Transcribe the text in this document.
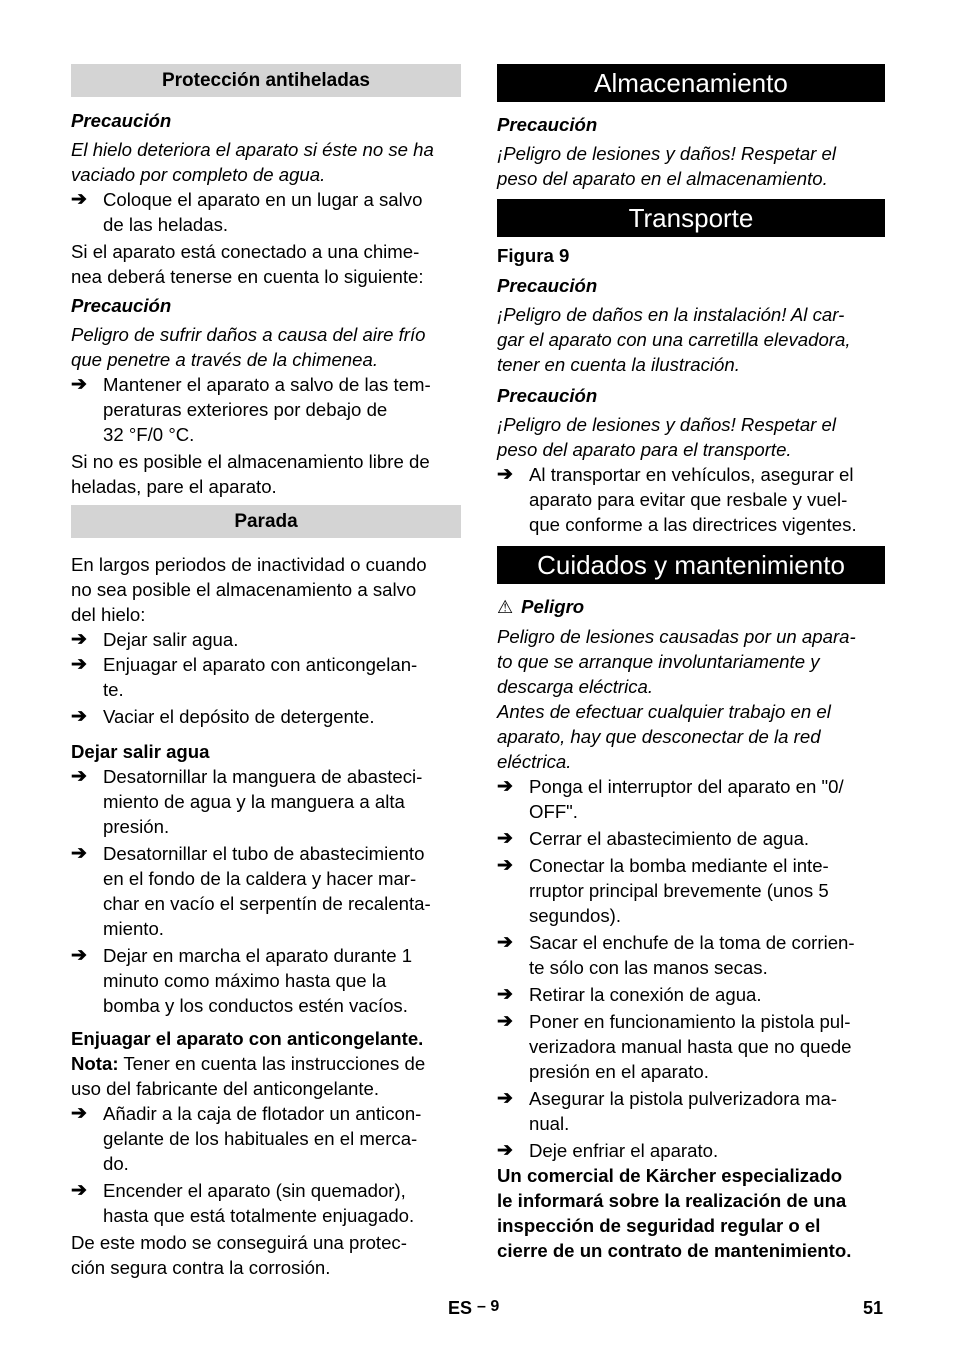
Protección antiheladas

Precaución

El hielo deteriora el aparato si éste no se ha
vaciado por completo de agua.

➔ Coloque el aparato en un lugar a salvo
de las heladas.

Si el aparato está conectado a una chime-
nea deberá tenerse en cuenta lo siguiente:

Precaución

Peligro de sufrir daños a causa del aire frío
que penetre a través de la chimenea.

➔ Mantener el aparato a salvo de las tem-
peraturas exteriores por debajo de
32 °F/0 °C.

Si no es posible el almacenamiento libre de
heladas, pare el aparato.

Parada

En largos periodos de inactividad o cuando
no sea posible el almacenamiento a salvo
del hielo:

➔ Dejar salir agua.
➔ Enjuagar el aparato con anticongelan-
te.
➔ Vaciar el depósito de detergente.

Dejar salir agua

➔ Desatornillar la manguera de abasteci-
miento de agua y la manguera a alta
presión.
➔ Desatornillar el tubo de abastecimiento
en el fondo de la caldera y hacer mar-
char en vacío el serpentín de recalenta-
miento.
➔ Dejar en marcha el aparato durante 1
minuto como máximo hasta que la
bomba y los conductos estén vacíos.

Enjuagar el aparato con anticongelante.

Nota: Tener en cuenta las instrucciones de
uso del fabricante del anticongelante.

➔ Añadir a la caja de flotador un anticon-
gelante de los habituales en el merca-
do.
➔ Encender el aparato (sin quemador),
hasta que está totalmente enjuagado.

De este modo se conseguirá una protec-
ción segura contra la corrosión.

Almacenamiento

Precaución

¡Peligro de lesiones y daños! Respetar el
peso del aparato en el almacenamiento.

Transporte

Figura 9

Precaución

¡Peligro de daños en la instalación! Al car-
gar el aparato con una carretilla elevadora,
tener en cuenta la ilustración.

Precaución

¡Peligro de lesiones y daños! Respetar el
peso del aparato para el transporte.

➔ Al transportar en vehículos, asegurar el
aparato para evitar que resbale y vuel-
que conforme a las directrices vigentes.
Cuidados y mantenimiento

⚠ Peligro

Peligro de lesiones causadas por un apara-
to que se arranque involuntariamente y
descarga eléctrica.
Antes de efectuar cualquier trabajo en el
aparato, hay que desconectar de la red
eléctrica.

➔ Ponga el interruptor del aparato en "0/
OFF".
➔ Cerrar el abastecimiento de agua.
➔ Conectar la bomba mediante el inte-
rruptor principal brevemente (unos 5
segundos).
➔ Sacar el enchufe de la toma de corrien-
te sólo con las manos secas.
➔ Retirar la conexión de agua.
➔ Poner en funcionamiento la pistola pul-
verizadora manual hasta que no quede
presión en el aparato.
➔ Asegurar la pistola pulverizadora ma-
nual.
➔ Deje enfriar el aparato.

Un comercial de Kärcher especializado
le informará sobre la realización de una
inspección de seguridad regular o el
cierre de un contrato de mantenimiento.

ES – 9	51
